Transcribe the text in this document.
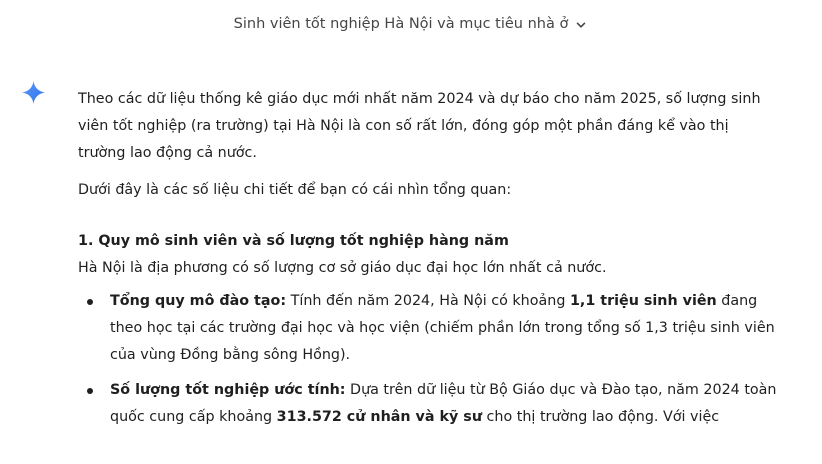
Sinh viên tốt nghiệp Hà Nội và mục tiêu nhà ở

Theo các dữ liệu thống kê giáo dục mới nhất năm 2024 và dự báo cho năm 2025, số lượng sinh viên tốt nghiệp (ra trường) tại Hà Nội là con số rất lớn, đóng góp một phần đáng kể vào thị trường lao động cả nước.

Dưới đây là các số liệu chi tiết để bạn có cái nhìn tổng quan:

1. Quy mô sinh viên và số lượng tốt nghiệp hàng năm

Hà Nội là địa phương có số lượng cơ sở giáo dục đại học lớn nhất cả nước.

Tổng quy mô đào tạo: Tính đến năm 2024, Hà Nội có khoảng 1,1 triệu sinh viên đang theo học tại các trường đại học và học viện (chiếm phần lớn trong tổng số 1,3 triệu sinh viên của vùng Đồng bằng sông Hồng).
Số lượng tốt nghiệp ước tính: Dựa trên dữ liệu từ Bộ Giáo dục và Đào tạo, năm 2024 toàn quốc cung cấp khoảng 313.572 cử nhân và kỹ sư cho thị trường lao động. Với việc
